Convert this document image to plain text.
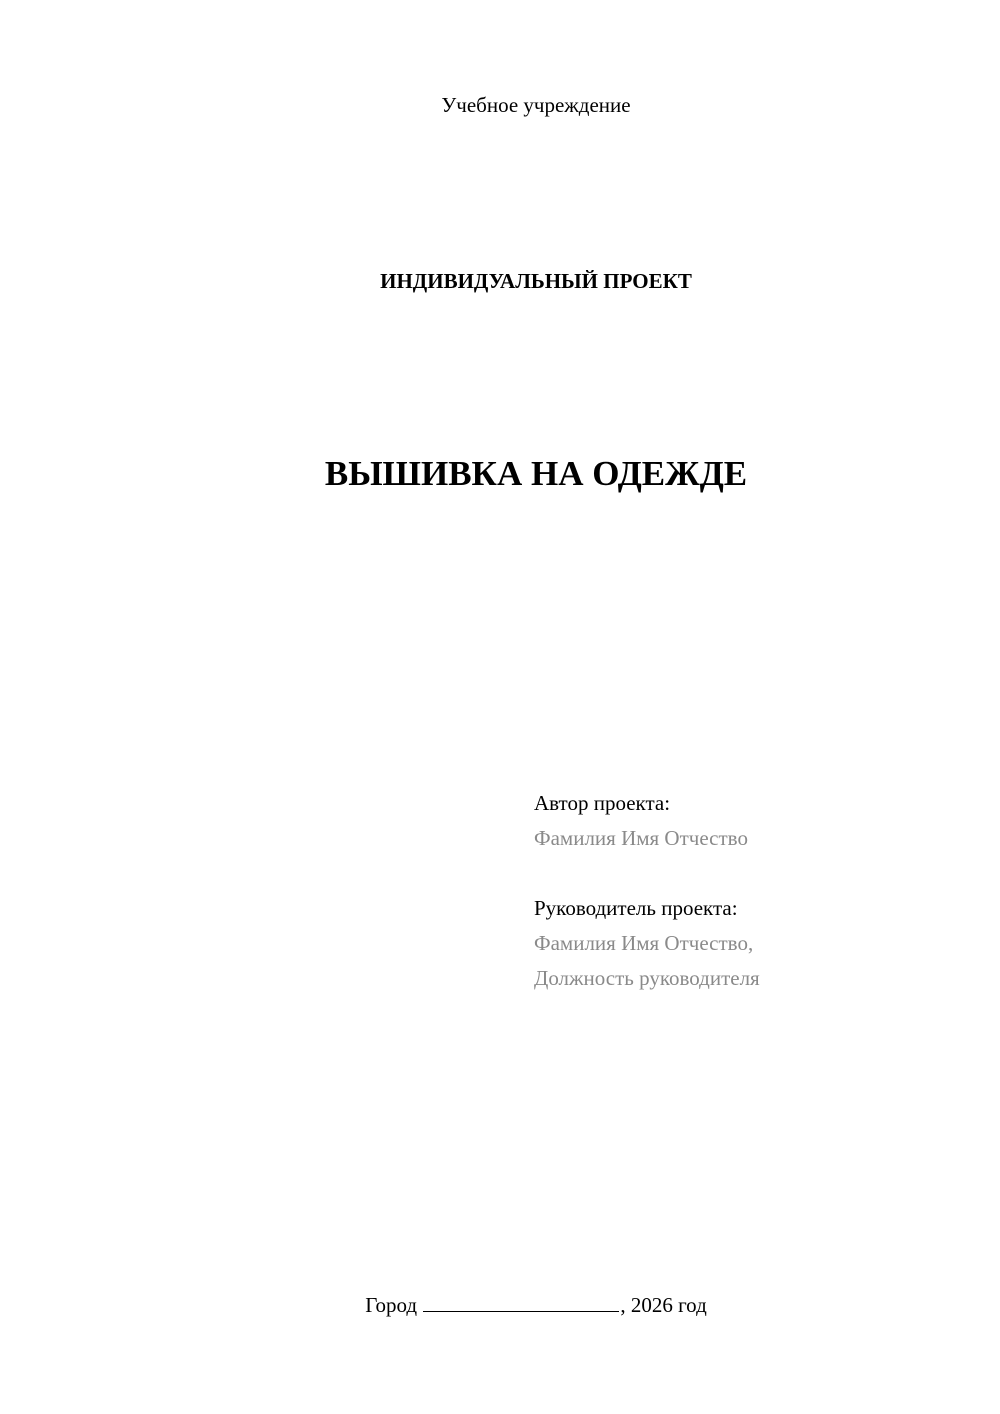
Учебное учреждение
ИНДИВИДУАЛЬНЫЙ ПРОЕКТ
ВЫШИВКА НА ОДЕЖДЕ
Автор проекта:
Фамилия Имя Отчество
Руководитель проекта:
Фамилия Имя Отчество,
Должность руководителя
Город	, 2026 год
